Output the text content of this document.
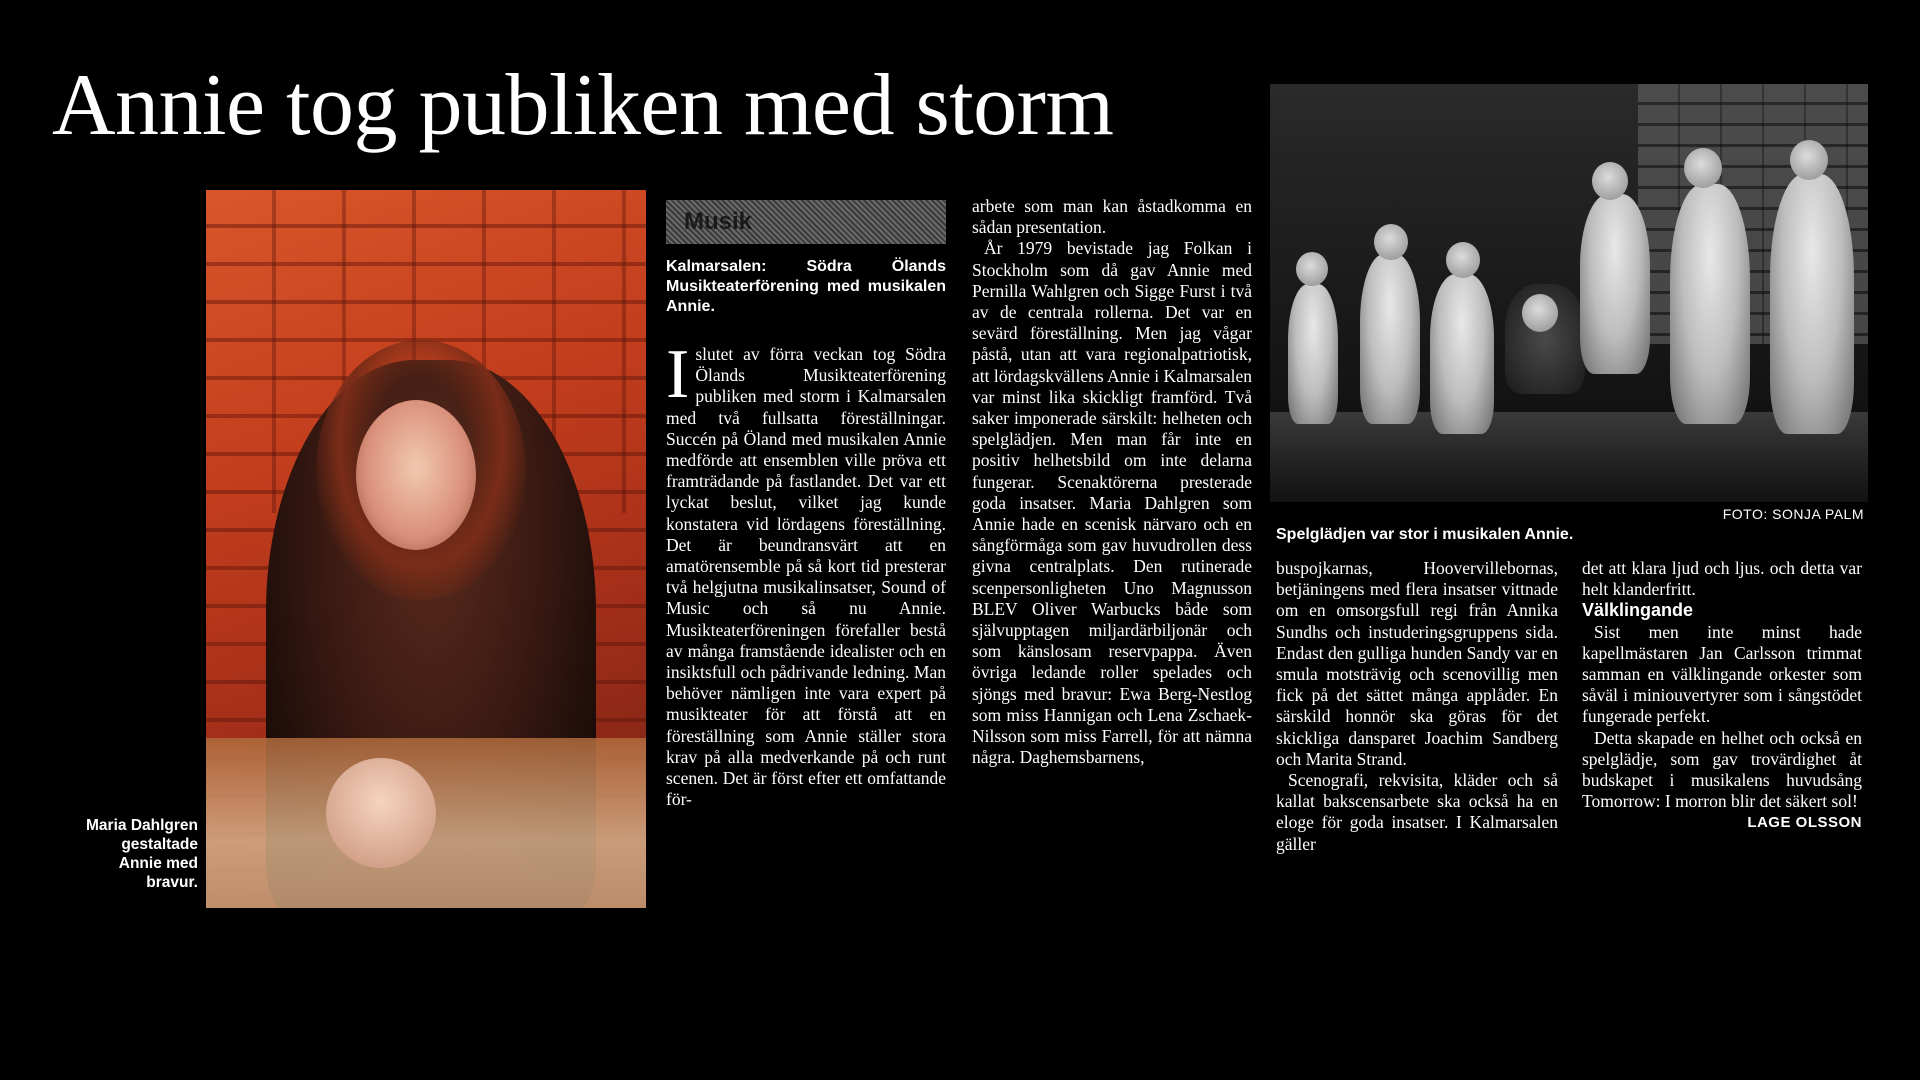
Annie tog publiken med storm
Maria Dahlgren gestaltade Annie med bravur.
Musik
Kalmarsalen: Södra Ölands Musikteaterförening med musikalen Annie.

Islutet av förra veckan tog Södra Ölands Musikteaterförening publiken med storm i Kalmarsalen med två fullsatta föreställningar. Succén på Öland med musikalen Annie medförde att ensemblen ville pröva ett framträdande på fastlandet. Det var ett lyckat beslut, vilket jag kunde konstatera vid lördagens föreställning. Det är beundransvärt att en amatörensemble på så kort tid presterar två helgjutna musikalinsatser, Sound of Music och så nu Annie. Musikteaterföreningen förefaller bestå av många framstående idealister och en insiktsfull och pådrivande ledning. Man behöver nämligen inte vara expert på musikteater för att förstå att en föreställning som Annie ställer stora krav på alla medverkande på och runt scenen. Det är först efter ett omfattande för-

arbete som man kan åstadkomma en sådan presentation.

År 1979 bevistade jag Folkan i Stockholm som då gav Annie med Pernilla Wahlgren och Sigge Furst i två av de centrala rollerna. Det var en sevärd föreställning. Men jag vågar påstå, utan att vara regionalpatriotisk, att lördagskvällens Annie i Kalmarsalen var minst lika skickligt framförd. Två saker imponerade särskilt: helheten och spelglädjen. Men man får inte en positiv helhetsbild om inte delarna fungerar. Scenaktörerna presterade goda insatser. Maria Dahlgren som Annie hade en scenisk närvaro och en sångförmåga som gav huvudrollen dess givna centralplats. Den rutinerade scenpersonligheten Uno Magnusson BLEV Oliver Warbucks både som självupptagen miljardärbiljonär och som känslosam reservpappa. Även övriga ledande roller spelades och sjöngs med bravur: Ewa Berg-Nestlog som miss Hannigan och Lena Zschaek-Nilsson som miss Farrell, för att nämna några. Daghemsbarnens,

FOTO: SONJA PALM
Spelglädjen var stor i musikalen Annie.

buspojkarnas, Hoovervillebornas, betjäningens med flera insatser vittnade om en omsorgsfull regi från Annika Sundhs och instuderingsgruppens sida. Endast den gulliga hunden Sandy var en smula motsträvig och scenovillig men fick på det sättet många applåder. En särskild honnör ska göras för det skickliga dansparet Joachim Sandberg och Marita Strand.

Scenografi, rekvisita, kläder och så kallat bakscensarbete ska också ha en eloge för goda insatser. I Kalmarsalen gäller

det att klara ljud och ljus. och detta var helt klanderfritt.

Välklingande

Sist men inte minst hade kapellmästaren Jan Carlsson trimmat samman en välklingande orkester som såväl i miniouvertyrer som i sångstödet fungerade perfekt.

Detta skapade en helhet och också en spelglädje, som gav trovärdighet åt budskapet i musikalens huvudsång Tomorrow: I morron blir det säkert sol!
LAGE OLSSON
